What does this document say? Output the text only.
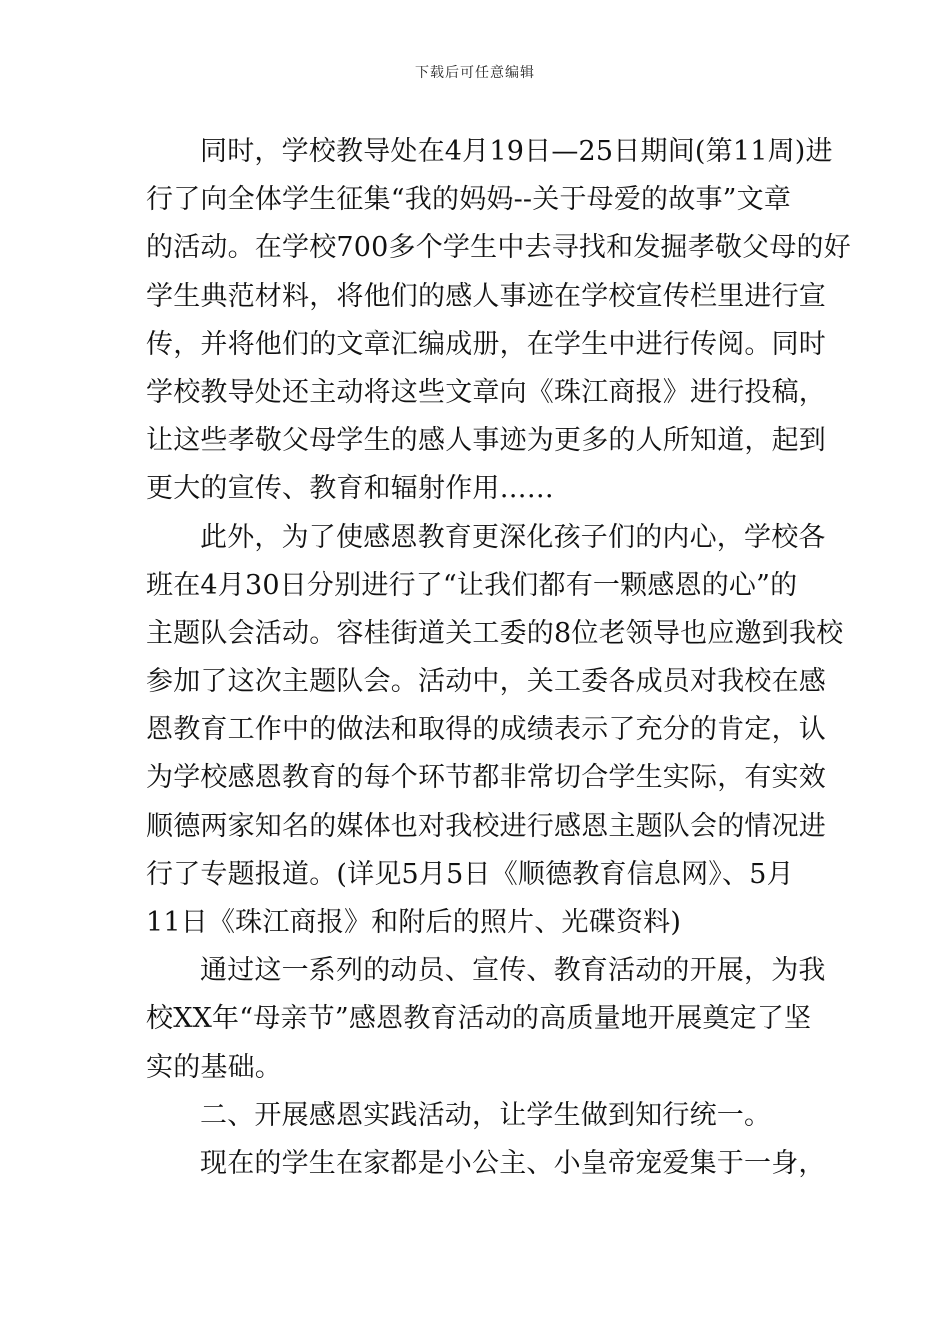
下载后可任意编辑
同时，学校教导处在4月19日—25日期间(第11周)进
行了向全体学生征集“我的妈妈--关于母爱的故事”文章
的活动。在学校700多个学生中去寻找和发掘孝敬父母的好
学生典范材料，将他们的感人事迹在学校宣传栏里进行宣
传，并将他们的文章汇编成册，在学生中进行传阅。同时
学校教导处还主动将这些文章向《珠江商报》进行投稿，
让这些孝敬父母学生的感人事迹为更多的人所知道，起到
更大的宣传、教育和辐射作用……
此外，为了使感恩教育更深化孩子们的内心，学校各
班在4月30日分别进行了“让我们都有一颗感恩的心”的
主题队会活动。容桂街道关工委的8位老领导也应邀到我校
参加了这次主题队会。活动中，关工委各成员对我校在感
恩教育工作中的做法和取得的成绩表示了充分的肯定，认
为学校感恩教育的每个环节都非常切合学生实际，有实效
顺德两家知名的媒体也对我校进行感恩主题队会的情况进
行了专题报道。(详见5月5日《顺德教育信息网》、5月
11日《珠江商报》和附后的照片、光碟资料)
通过这一系列的动员、宣传、教育活动的开展，为我
校XX年“母亲节”感恩教育活动的高质量地开展奠定了坚
实的基础。
二、开展感恩实践活动，让学生做到知行统一。
现在的学生在家都是小公主、小皇帝宠爱集于一身，
